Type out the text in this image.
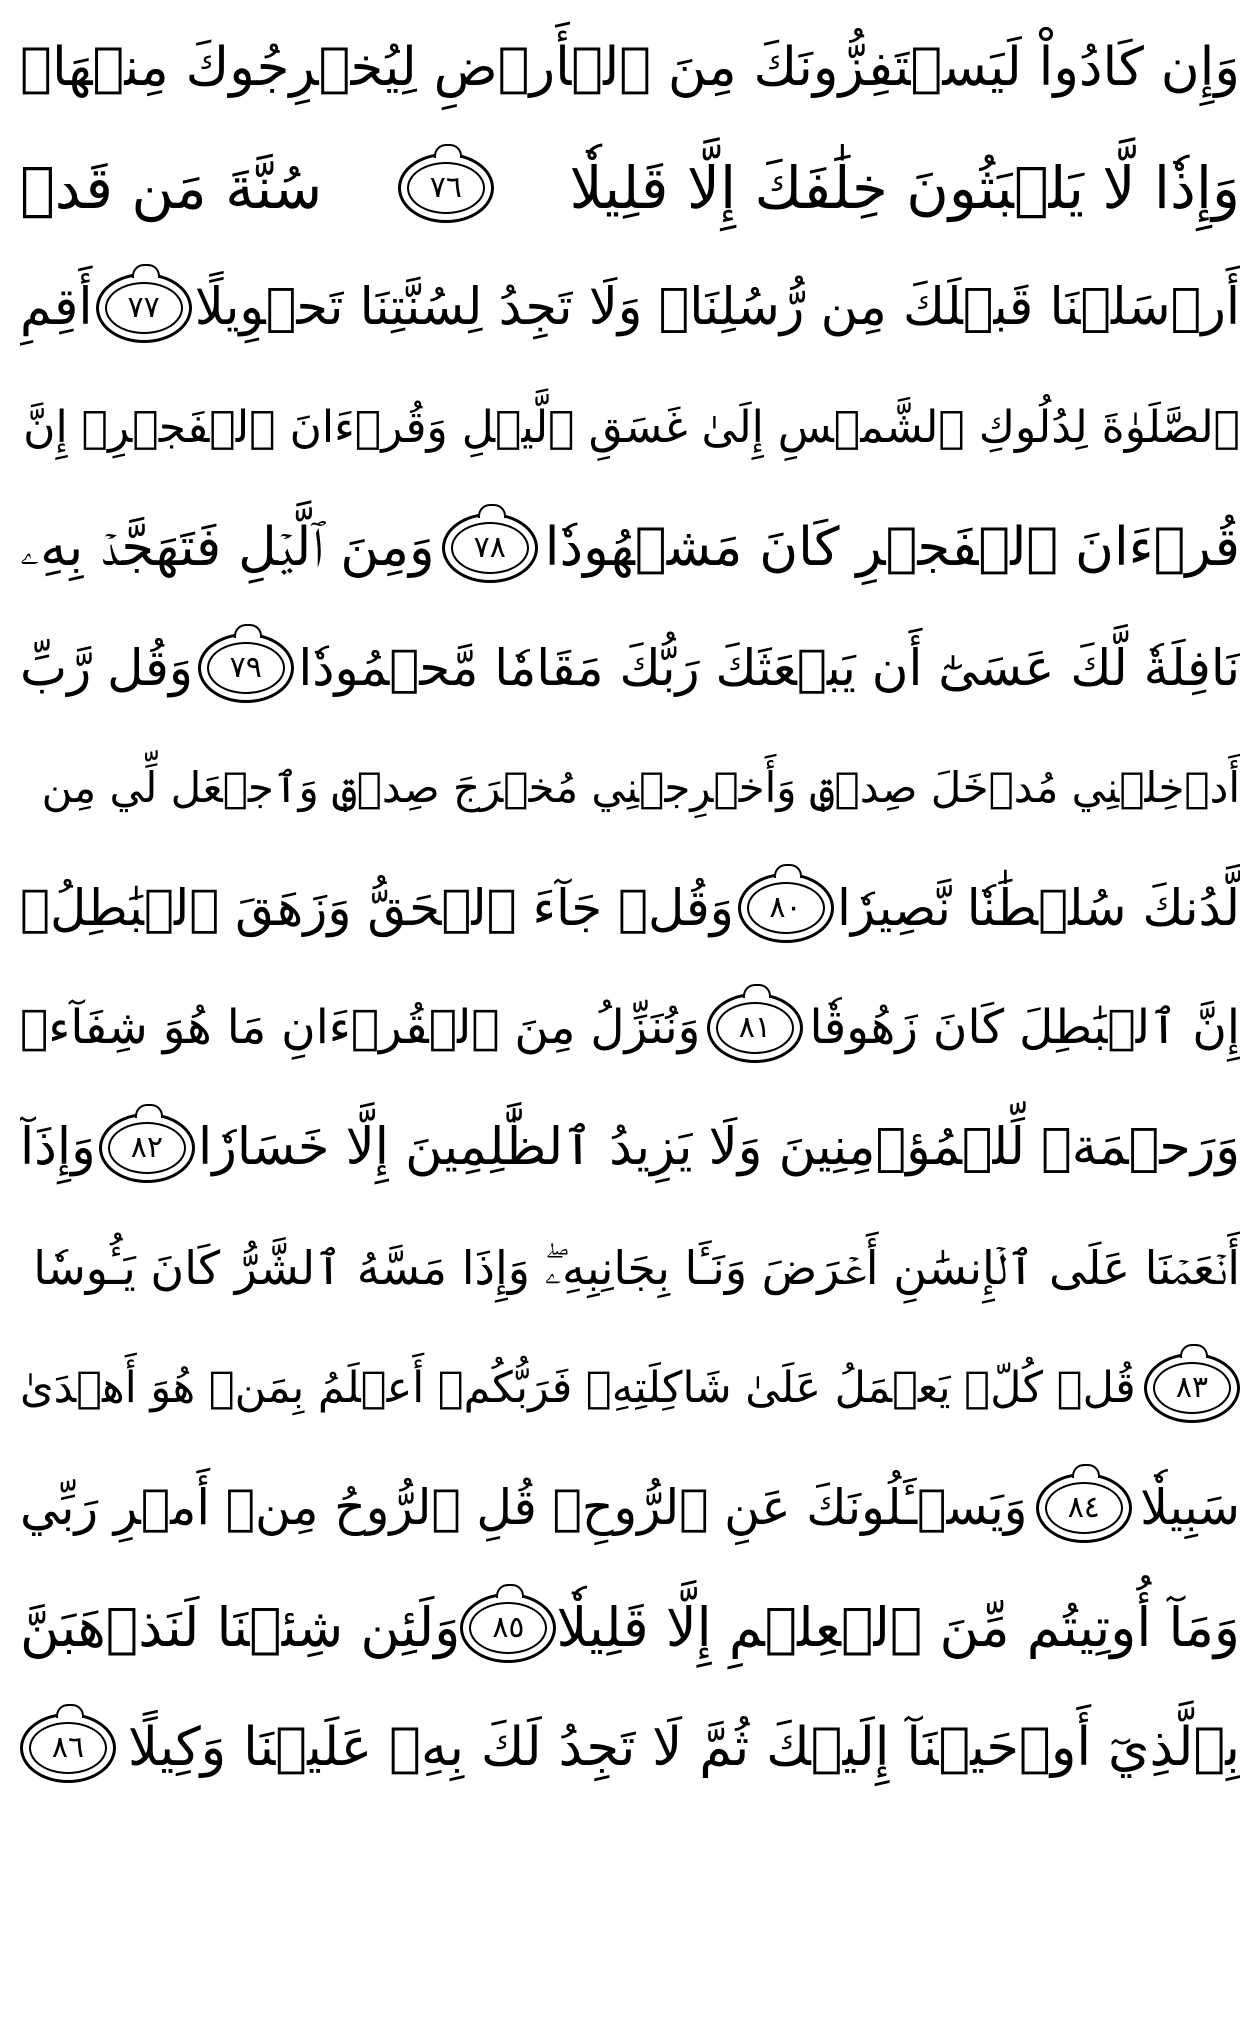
وَإِن كَادُواْ لَيَسۡتَفِزُّونَكَ مِنَ ٱلۡأَرۡضِ لِيُخۡرِجُوكَ مِنۡهَاۖ
وَإِذٗا لَّا يَلۡبَثُونَ خِلَٰفَكَ إِلَّا قَلِيلٗا
٧٦
سُنَّةَ مَن قَدۡ
أَرۡسَلۡنَا قَبۡلَكَ مِن رُّسُلِنَاۖ وَلَا تَجِدُ لِسُنَّتِنَا تَحۡوِيلًا
٧٧
أَقِمِ
ٱلصَّلَوٰةَ لِدُلُوكِ ٱلشَّمۡسِ إِلَىٰ غَسَقِ ٱلَّيۡلِ وَقُرۡءَانَ ٱلۡفَجۡرِۖ إِنَّ
قُرۡءَانَ ٱلۡفَجۡرِ كَانَ مَشۡهُودٗا
٧٨
وَمِنَ ٱلَّيۡلِ فَتَهَجَّدۡ بِهِۦ
نَافِلَةٗ لَّكَ عَسَىٰٓ أَن يَبۡعَثَكَ رَبُّكَ مَقَامٗا مَّحۡمُودٗا
٧٩
وَقُل رَّبِّ
أَدۡخِلۡنِي مُدۡخَلَ صِدۡقٖ وَأَخۡرِجۡنِي مُخۡرَجَ صِدۡقٖ وَٱجۡعَل لِّي مِن
لَّدُنكَ سُلۡطَٰنٗا نَّصِيرٗا
٨٠
وَقُلۡ جَآءَ ٱلۡحَقُّ وَزَهَقَ ٱلۡبَٰطِلُۚ
إِنَّ ٱلۡبَٰطِلَ كَانَ زَهُوقٗا
٨١
وَنُنَزِّلُ مِنَ ٱلۡقُرۡءَانِ مَا هُوَ شِفَآءٞ
وَرَحۡمَةٞ لِّلۡمُؤۡمِنِينَ وَلَا يَزِيدُ ٱلظَّٰلِمِينَ إِلَّا خَسَارٗا
٨٢
وَإِذَآ
أَنۡعَمۡنَا عَلَى ٱلۡإِنسَٰنِ أَعۡرَضَ وَنَـَٔا بِجَانِبِهِۦۖ وَإِذَا مَسَّهُ ٱلشَّرُّ كَانَ يَـُٔوسٗا
٨٣
قُلۡ كُلّٞ يَعۡمَلُ عَلَىٰ شَاكِلَتِهِۦ فَرَبُّكُمۡ أَعۡلَمُ بِمَنۡ هُوَ أَهۡدَىٰ
سَبِيلٗا
٨٤
وَيَسۡـَٔلُونَكَ عَنِ ٱلرُّوحِۖ قُلِ ٱلرُّوحُ مِنۡ أَمۡرِ رَبِّي
وَمَآ أُوتِيتُم مِّنَ ٱلۡعِلۡمِ إِلَّا قَلِيلٗا
٨٥
وَلَئِن شِئۡنَا لَنَذۡهَبَنَّ
بِٱلَّذِيٓ أَوۡحَيۡنَآ إِلَيۡكَ ثُمَّ لَا تَجِدُ لَكَ بِهِۦ عَلَيۡنَا وَكِيلًا
٨٦
